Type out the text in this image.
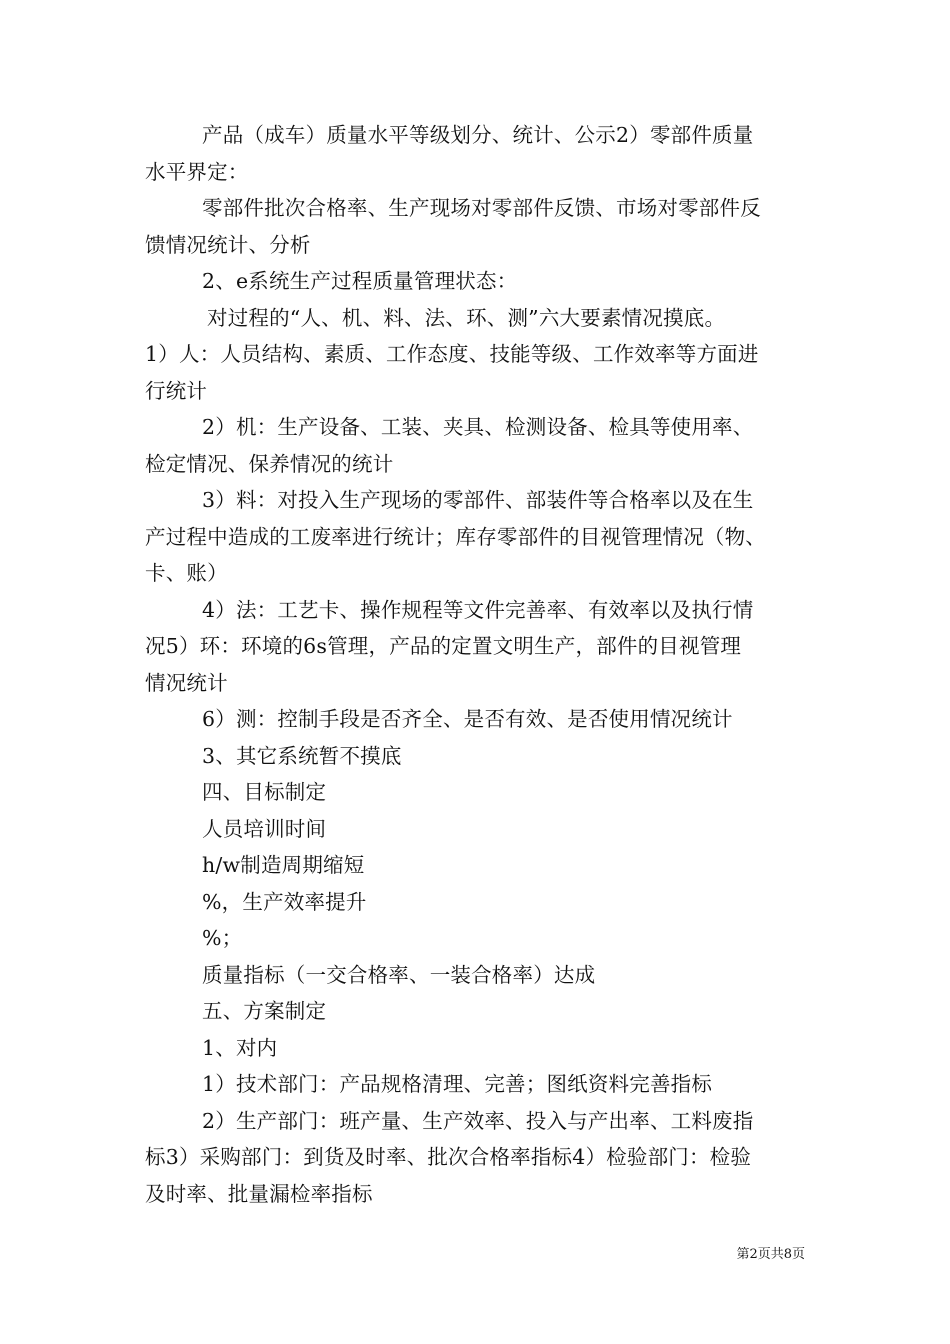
产品（成车）质量水平等级划分、统计、公示2）零部件质量
水平界定：
零部件批次合格率、生产现场对零部件反馈、市场对零部件反
馈情况统计、分析
2、e系统生产过程质量管理状态：
对过程的“人、机、料、法、环、测”六大要素情况摸底。
1）人：人员结构、素质、工作态度、技能等级、工作效率等方面进
行统计
2）机：生产设备、工装、夹具、检测设备、检具等使用率、
检定情况、保养情况的统计
3）料：对投入生产现场的零部件、部装件等合格率以及在生
产过程中造成的工废率进行统计；库存零部件的目视管理情况（物、
卡、账）
4）法：工艺卡、操作规程等文件完善率、有效率以及执行情
况5）环：环境的6s管理，产品的定置文明生产，部件的目视管理
情况统计
6）测：控制手段是否齐全、是否有效、是否使用情况统计
3、其它系统暂不摸底
四、目标制定
人员培训时间
h/w制造周期缩短
%，生产效率提升
%；
质量指标（一交合格率、一装合格率）达成
五、方案制定
1、对内
1）技术部门：产品规格清理、完善；图纸资料完善指标
2）生产部门：班产量、生产效率、投入与产出率、工料废指
标3）采购部门：到货及时率、批次合格率指标4）检验部门：检验
及时率、批量漏检率指标
第2页共8页
